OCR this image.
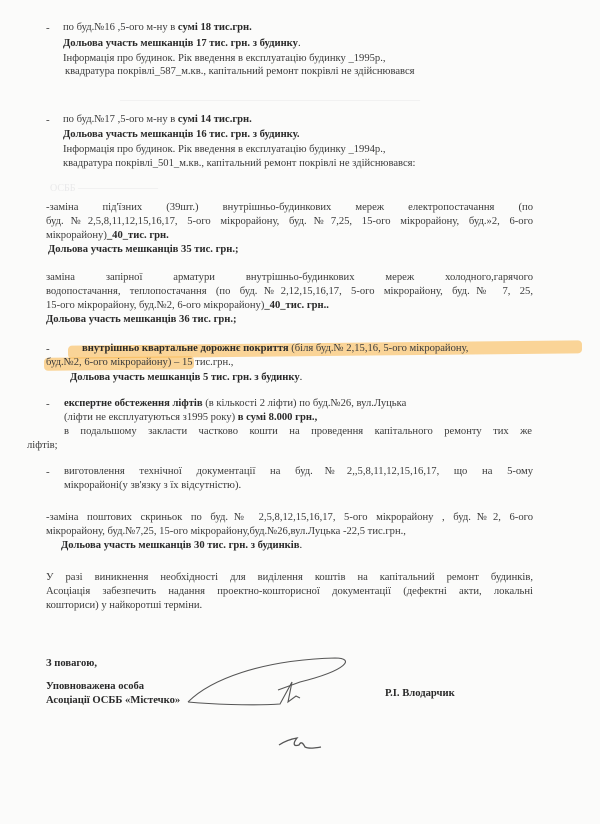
——————————————————————————————
ОСББ ————————
- по буд.№16 ,5-ого м-ну в сумі 18 тис.грн.
Дольова участь мешканців 17 тис. грн. з будинку.
Інформація про будинок. Рік введення в експлуатацію будинку _1995р.,
квадратура покрівлі_587_м.кв., капітальний ремонт покрівлі не здійснювався
- по буд.№17 ,5-ого м-ну в сумі 14 тис.грн.
Дольова участь мешканців 16 тис. грн. з будинку.
Інформація про будинок. Рік введення в експлуатацію будинку _1994р.,
квадратура покрівлі_501_м.кв., капітальний ремонт покрівлі не здійснювався:
-заміна під'їзних (39шт.) внутрішньо-будинкових мереж електропостачання (по
буд.№2,5,8,11,12,15,16,17, 5-ого мікрорайону, буд.№7,25, 15-ого мікрорайону, буд.»2, 6-ого
мікрорайону)_40_тис. грн.
Дольова участь мешканців 35 тис. грн.;
заміна запірної арматури внутрішньо-будинкових мереж холодного,гарячого
водопостачання, теплопостачання (по буд.№2,12,15,16,17, 5-ого мікрорайону, буд.№ 7, 25,
15-ого мікрорайону, буд.№2, 6-ого мікрорайону)_40_тис. грн..
Дольова участь мешканців 36 тис. грн.;
-	внутрішньо квартальне дорожнє покриття (біля буд.№ 2,15,16, 5-ого мікрорайону,
буд.№2, 6-ого мікрорайону) – 15 тис.грн.,
Дольова участь мешканців 5 тис. грн. з будинку.
- експертне обстеження ліфтів (в кількості 2 ліфти) по буд.№26, вул.Луцька
(ліфти не експлуатуються з1995 року) в сумі 8.000 грн.,
в подальшому закласти частково кошти на проведення капітального ремонту тих же
ліфтів;
- виготовлення технічної документації на буд.№2,,5,8,11,12,15,16,17, що на 5-ому
мікрорайоні(у зв'язку з їх відсутністю).
-заміна поштових скриньок по буд.№ 2,5,8,12,15,16,17, 5-ого мікрорайону , буд.№2, 6-ого
мікрорайону, буд.№7,25, 15-ого мікрорайону,буд.№26,вул.Луцька -22,5 тис.грн.,
Дольова участь мешканців 30 тис. грн. з будинків.
У разі виникнення необхідності для виділення коштів на капітальний ремонт будинків,
Асоціація забезпечить надання проектно-кошторисної документації (дефектні акти, локальні
кошториси) у найкоротші терміни.
З повагою,
Уповноважена особа
Асоціації ОСББ «Містечко»
Р.І. Влодарчик
